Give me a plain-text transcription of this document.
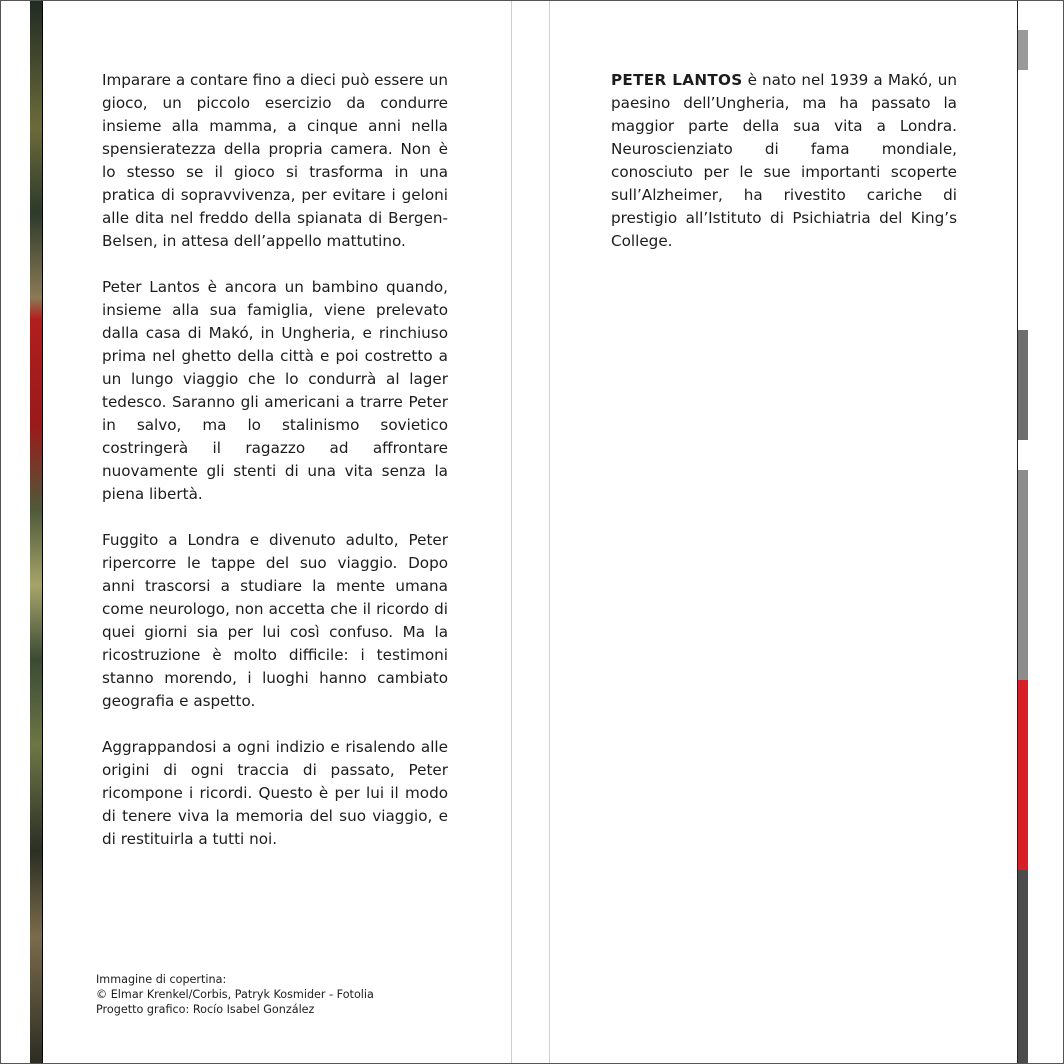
Imparare a contare fino a dieci può essere un gioco, un piccolo esercizio da condurre insieme alla mamma, a cinque anni nella spensieratezza della propria camera. Non è lo stesso se il gioco si trasforma in una pratica di sopravvivenza, per evitare i geloni alle dita nel freddo della spianata di Bergen-Belsen, in attesa dell’appello mattutino.

Peter Lantos è ancora un bambino quando, insieme alla sua famiglia, viene prelevato dalla casa di Makó, in Ungheria, e rinchiuso prima nel ghetto della città e poi costretto a un lungo viaggio che lo condurrà al lager tedesco. Saranno gli americani a trarre Peter in salvo, ma lo stalinismo sovietico costringerà il ragazzo ad affrontare nuovamente gli stenti di una vita senza la piena libertà.

Fuggito a Londra e divenuto adulto, Peter ripercorre le tappe del suo viaggio. Dopo anni trascorsi a studiare la mente umana come neurologo, non accetta che il ricordo di quei giorni sia per lui così confuso. Ma la ricostruzione è molto difficile: i testimoni stanno morendo, i luoghi hanno cambiato geografia e aspetto.

Aggrappandosi a ogni indizio e risalendo alle origini di ogni traccia di passato, Peter ricompone i ricordi. Questo è per lui il modo di tenere viva la memoria del suo viaggio, e di restituirla a tutti noi.

Immagine di copertina:
© Elmar Krenkel/Corbis, Patryk Kosmider - Fotolia
Progetto grafico: Rocío Isabel González

PETER LANTOS è nato nel 1939 a Makó, un paesino dell’Ungheria, ma ha passato la maggior parte della sua vita a Londra. Neuroscienziato di fama mondiale, conosciuto per le sue importanti scoperte sull’Alzheimer, ha rivestito cariche di prestigio all’Istituto di Psichiatria del King’s College.
